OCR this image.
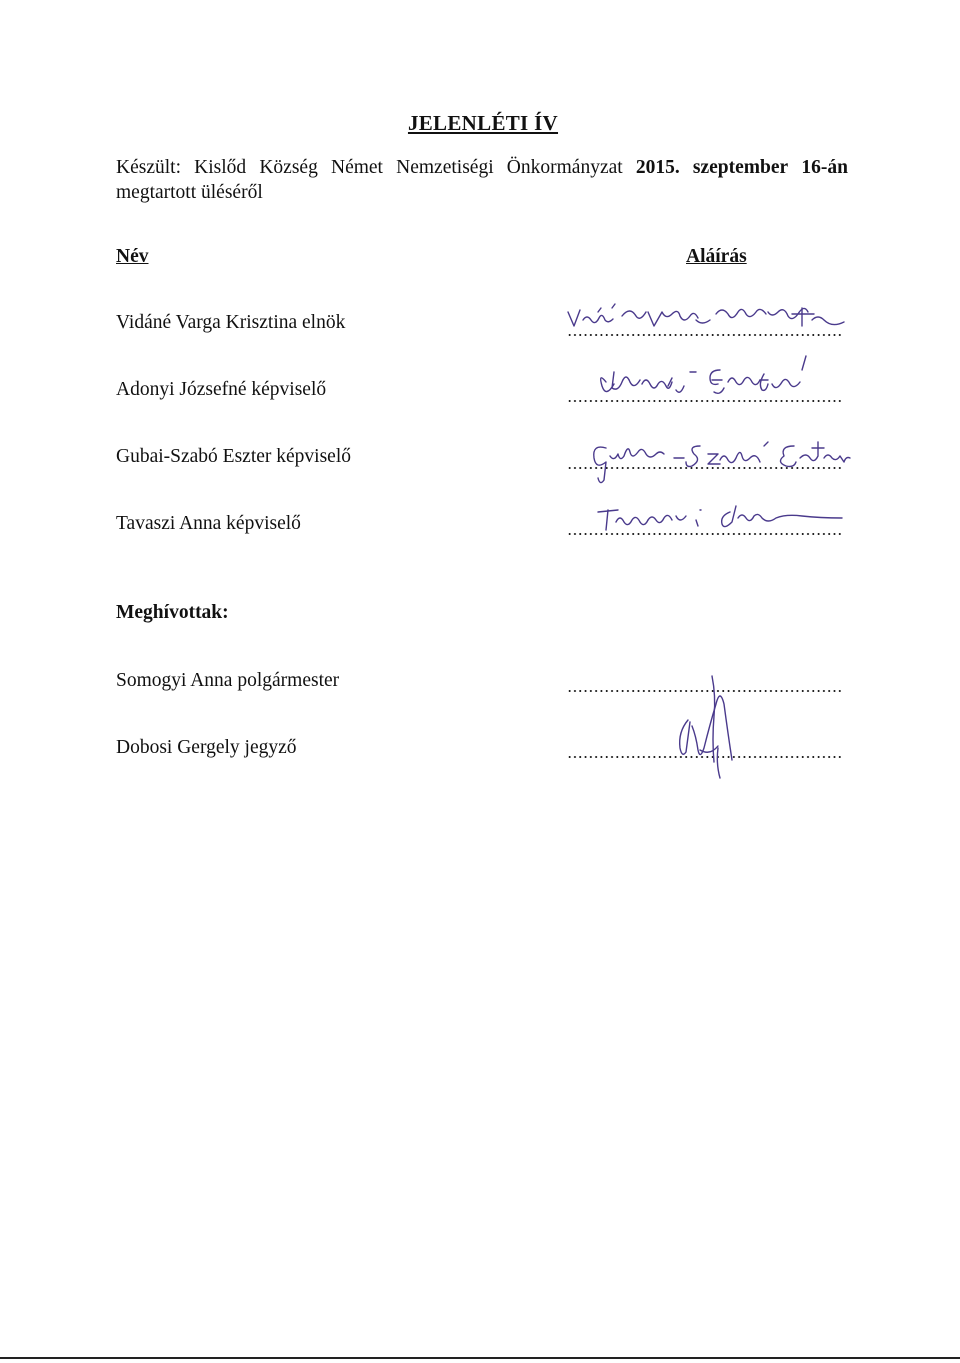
JELENLÉTI ÍV
Készült: Kislőd Község Német Nemzetiségi Önkormányzat 2015. szeptember 16-án
megtartott üléséről
Név	Aláírás
Vidáné Varga Krisztina elnök
Adonyi Józsefné képviselő
Gubai-Szabó Eszter képviselő
Tavaszi Anna képviselő
Meghívottak:
Somogyi Anna polgármester
Dobosi Gergely jegyző
